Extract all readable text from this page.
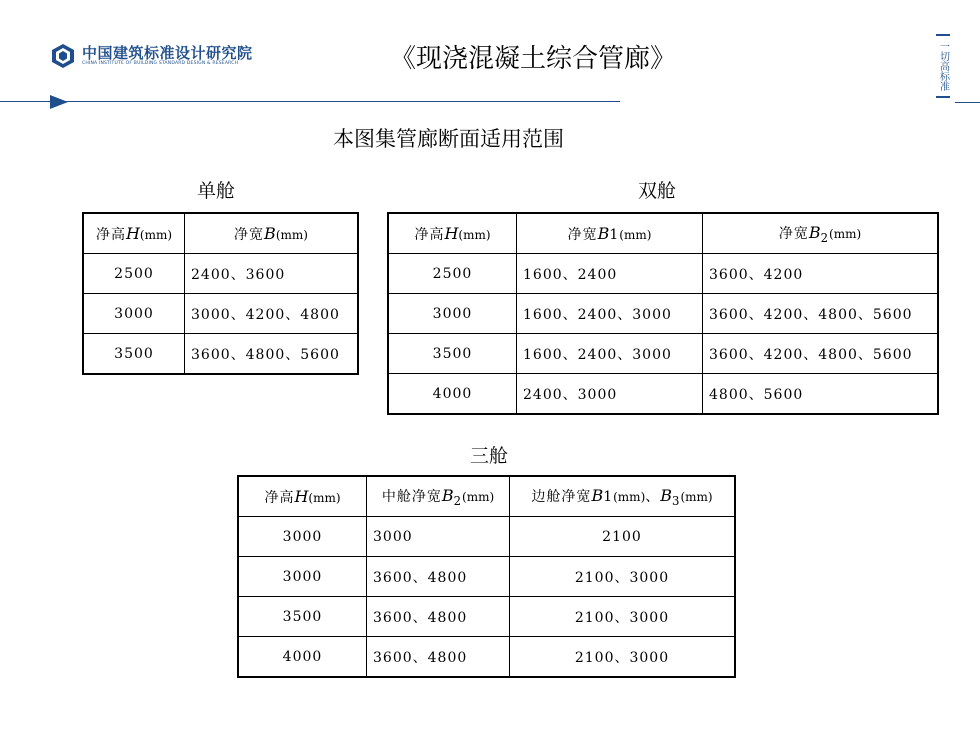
中国建筑标准设计研究院
CHINA INSTITUTE OF BUILDING STANDARD DESIGN & RESEARCH	《现浇混凝土综合管廊》	一切高标准
本图集管廊断面适用范围
单舱
净高H(mm)	净宽B(mm)
2500	2400、3600
3000	3000、4200、4800
3500	3600、4800、5600
双舱
净高H(mm)	净宽B1(mm)	净宽$B_2(mm)$
2500	1600、2400	3600、4200
3000	1600、2400、3000	3600、4200、4800、5600
3500	1600、2400、3000	3600、4200、4800、5600
4000	2400、3000	4800、5600
三舱
净高H(mm)	中舱净宽$B_2(mm)$	边舱净宽B1(mm)、$B_3(mm)$
3000	3000	2100
3000	3600、4800	2100、3000
3500	3600、4800	2100、3000
4000	3600、4800	2100、3000
